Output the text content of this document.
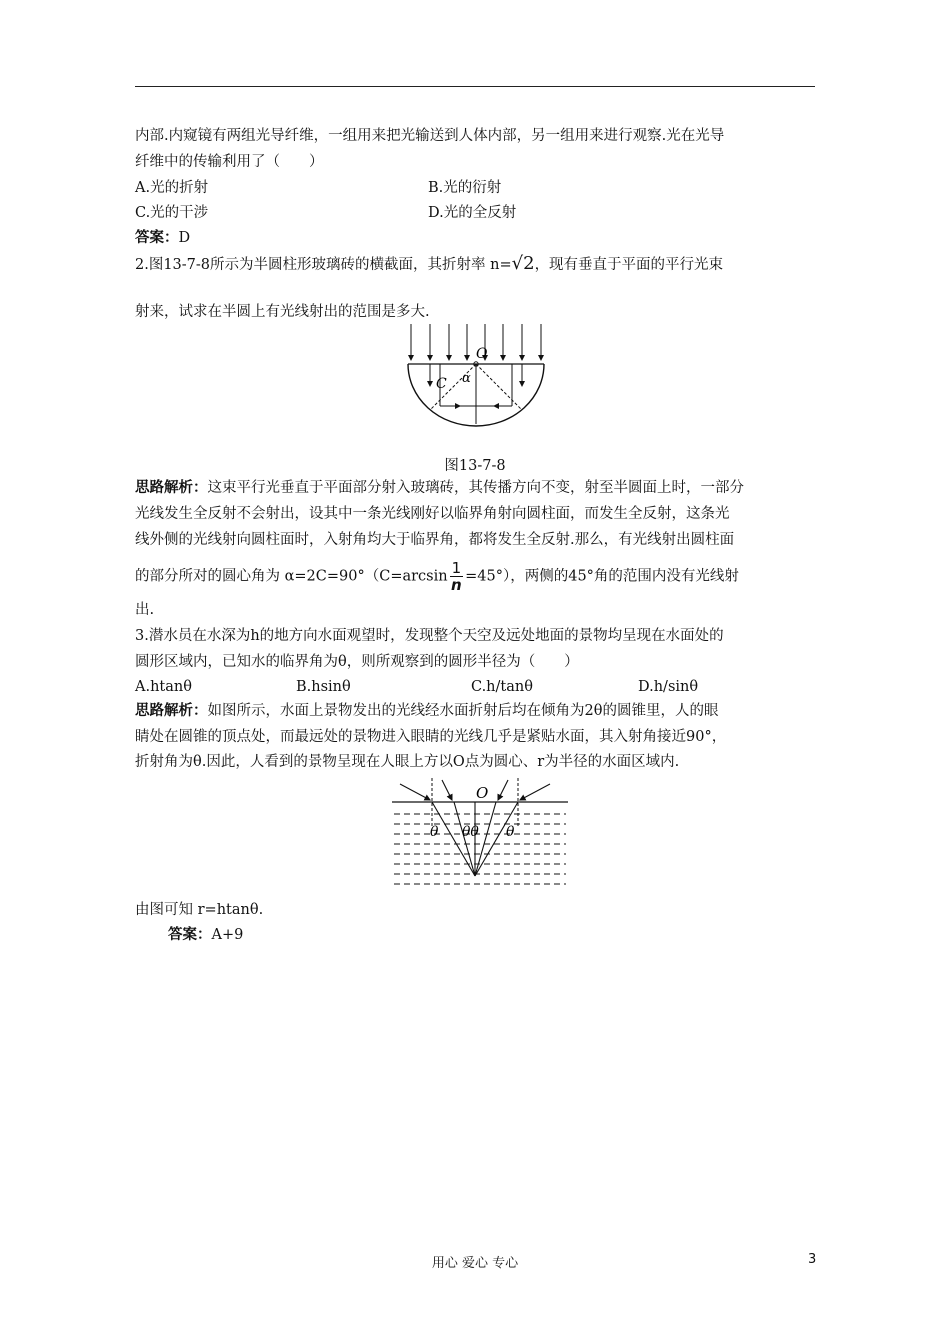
内部.内窥镜有两组光导纤维，一组用来把光输送到人体内部，另一组用来进行观察.光在光导
纤维中的传输利用了（　　）
A.光的折射	B.光的衍射
C.光的干涉	D.光的全反射
答案：D
2.图13-7-8所示为半圆柱形玻璃砖的横截面，其折射率 n=√2，现有垂直于平面的平行光束
射来，试求在半圆上有光线射出的范围是多大.
O
C α
图13-7-8
思路解析：这束平行光垂直于平面部分射入玻璃砖，其传播方向不变，射至半圆面上时，一部分
光线发生全反射不会射出，设其中一条光线刚好以临界角射向圆柱面，而发生全反射，这条光
线外侧的光线射向圆柱面时，入射角均大于临界角，都将发生全反射.那么，有光线射出圆柱面
的部分所对的圆心角为 $\alpha=2C=90^\circ(C=\arcsin \frac{1}{n} =45^\circ)$，两侧的45°角的范围内没有光线射
出.
3.潜水员在水深为h的地方向水面观望时，发现整个天空及远处地面的景物均呈现在水面处的
圆形区域内，已知水的临界角为θ，则所观察到的圆形半径为（　　）
A.htanθ	B.hsinθ	C.h/tanθ	D.h/sinθ
思路解析：如图所示，水面上景物发出的光线经水面折射后均在倾角为2θ的圆锥里，人的眼
睛处在圆锥的顶点处，而最远处的景物进入眼睛的光线几乎是紧贴水面，其入射角接近90°，
折射角为θ.因此，人看到的景物呈现在人眼上方以O点为圆心、r为半径的水面区域内.
O
θ θθ θ
由图可知 r=htanθ.
答案：A+9
用心 爱心 专心	3
